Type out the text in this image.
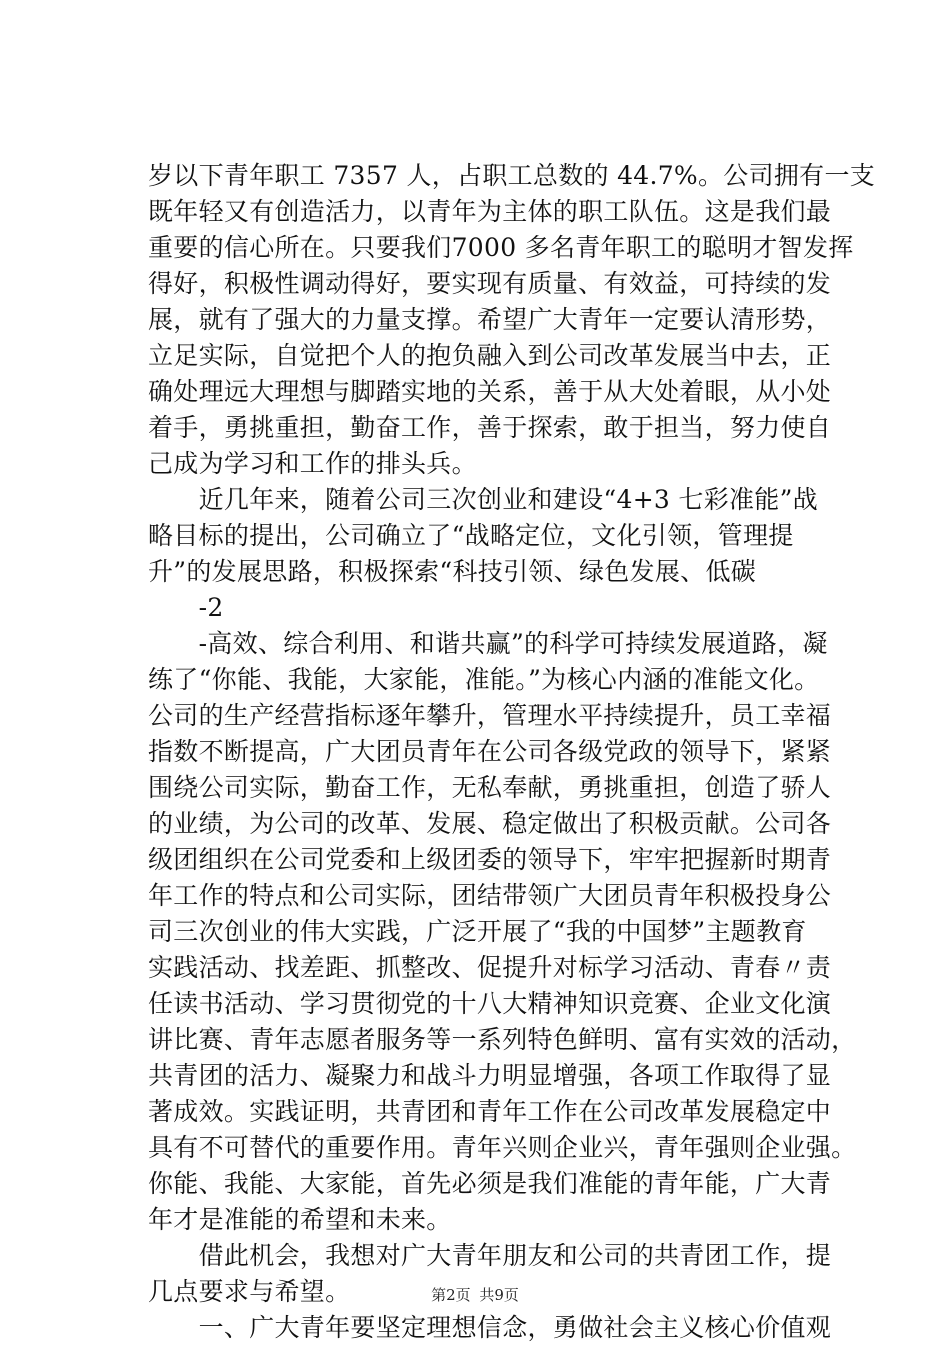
岁以下青年职工 7357 人，占职工总数的 44.7%。公司拥有一支
既年轻又有创造活力，以青年为主体的职工队伍。这是我们最
重要的信心所在。只要我们7000 多名青年职工的聪明才智发挥
得好，积极性调动得好，要实现有质量、有效益，可持续的发
展，就有了强大的力量支撑。希望广大青年一定要认清形势，
立足实际，自觉把个人的抱负融入到公司改革发展当中去，正
确处理远大理想与脚踏实地的关系，善于从大处着眼，从小处
着手，勇挑重担，勤奋工作，善于探索，敢于担当，努力使自
己成为学习和工作的排头兵。
　　近几年来，随着公司三次创业和建设“4+3 七彩准能”战
略目标的提出，公司确立了“战略定位，文化引领，管理提
升”的发展思路，积极探索“科技引领、绿色发展、低碳
　　-2
　　-高效、综合利用、和谐共赢”的科学可持续发展道路，凝
练了“你能、我能，大家能，准能。”为核心内涵的准能文化。
公司的生产经营指标逐年攀升，管理水平持续提升，员工幸福
指数不断提高，广大团员青年在公司各级党政的领导下，紧紧
围绕公司实际，勤奋工作，无私奉献，勇挑重担，创造了骄人
的业绩，为公司的改革、发展、稳定做出了积极贡献。公司各
级团组织在公司党委和上级团委的领导下，牢牢把握新时期青
年工作的特点和公司实际，团结带领广大团员青年积极投身公
司三次创业的伟大实践，广泛开展了“我的中国梦”主题教育
实践活动、找差距、抓整改、促提升对标学习活动、青春〃责
任读书活动、学习贯彻党的十八大精神知识竞赛、企业文化演
讲比赛、青年志愿者服务等一系列特色鲜明、富有实效的活动，
共青团的活力、凝聚力和战斗力明显增强，各项工作取得了显
著成效。实践证明，共青团和青年工作在公司改革发展稳定中
具有不可替代的重要作用。青年兴则企业兴，青年强则企业强。
你能、我能、大家能，首先必须是我们准能的青年能，广大青
年才是准能的希望和未来。
　　借此机会，我想对广大青年朋友和公司的共青团工作，提
几点要求与希望。
　　一、广大青年要坚定理想信念，勇做社会主义核心价值观
第2页 共9页
